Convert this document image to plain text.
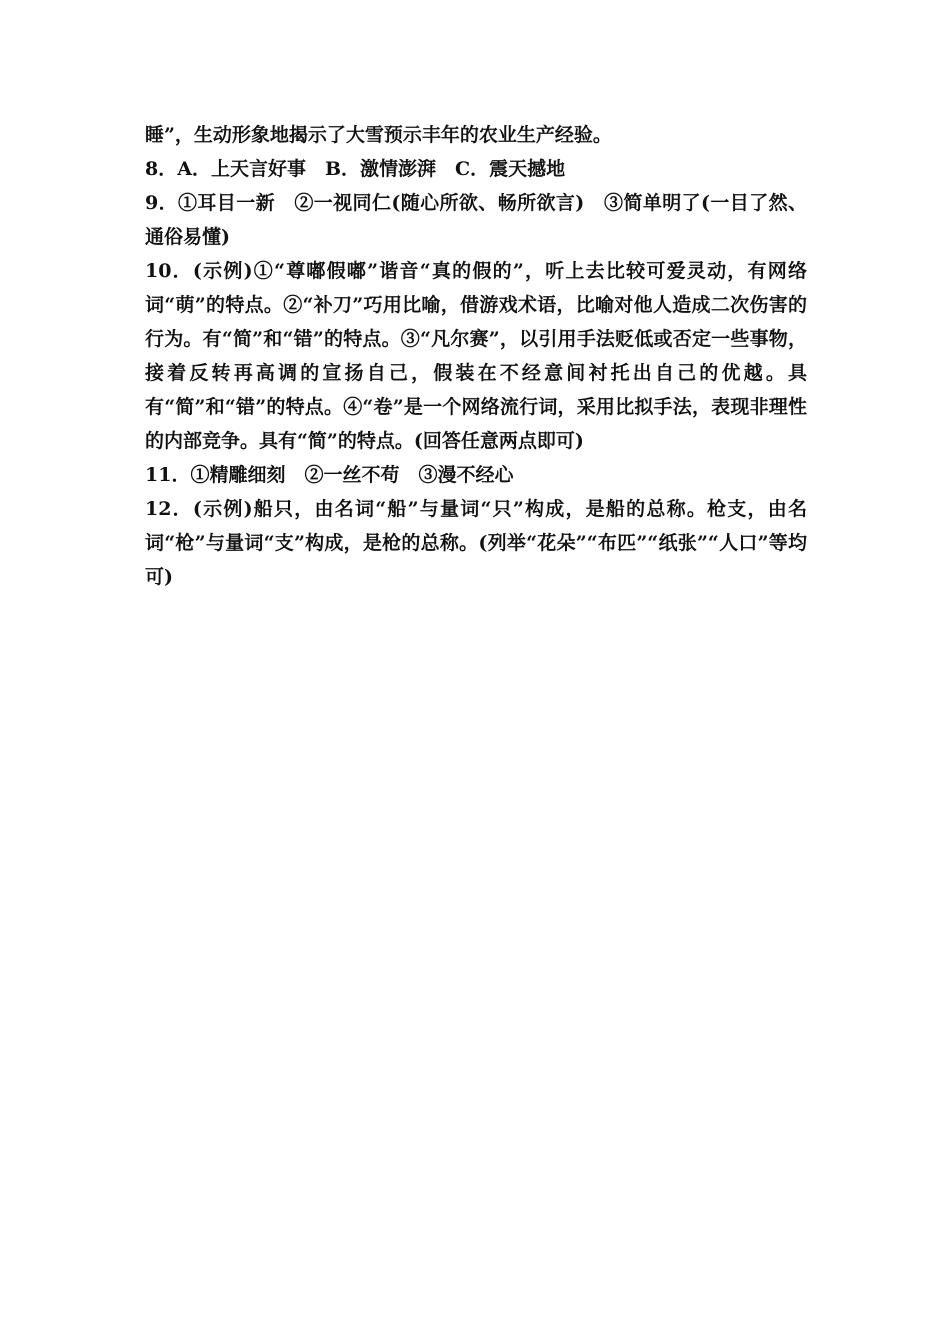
睡”，生动形象地揭示了大雪预示丰年的农业生产经验。

8．A．上天言好事　B．激情澎湃　C．震天撼地

9．①耳目一新　②一视同仁(随心所欲、畅所欲言)　③简单明了(一目了然、通俗易懂)

10．(示例)①“尊嘟假嘟”谐音“真的假的”，听上去比较可爱灵动，有网络词“萌”的特点。②“补刀”巧用比喻，借游戏术语，比喻对他人造成二次伤害的行为。有“简”和“错”的特点。③“凡尔赛”，以引用手法贬低或否定一些事物，接着反转再高调的宣扬自己，假装在不经意间衬托出自己的优越。具有“简”和“错”的特点。④“卷”是一个网络流行词，采用比拟手法，表现非理性的内部竞争。具有“简”的特点。(回答任意两点即可)

11．①精雕细刻　②一丝不苟　③漫不经心

12．(示例)船只，由名词“船”与量词“只”构成，是船的总称。枪支，由名词“枪”与量词“支”构成，是枪的总称。(列举“花朵”“布匹”“纸张”“人口”等均可)
